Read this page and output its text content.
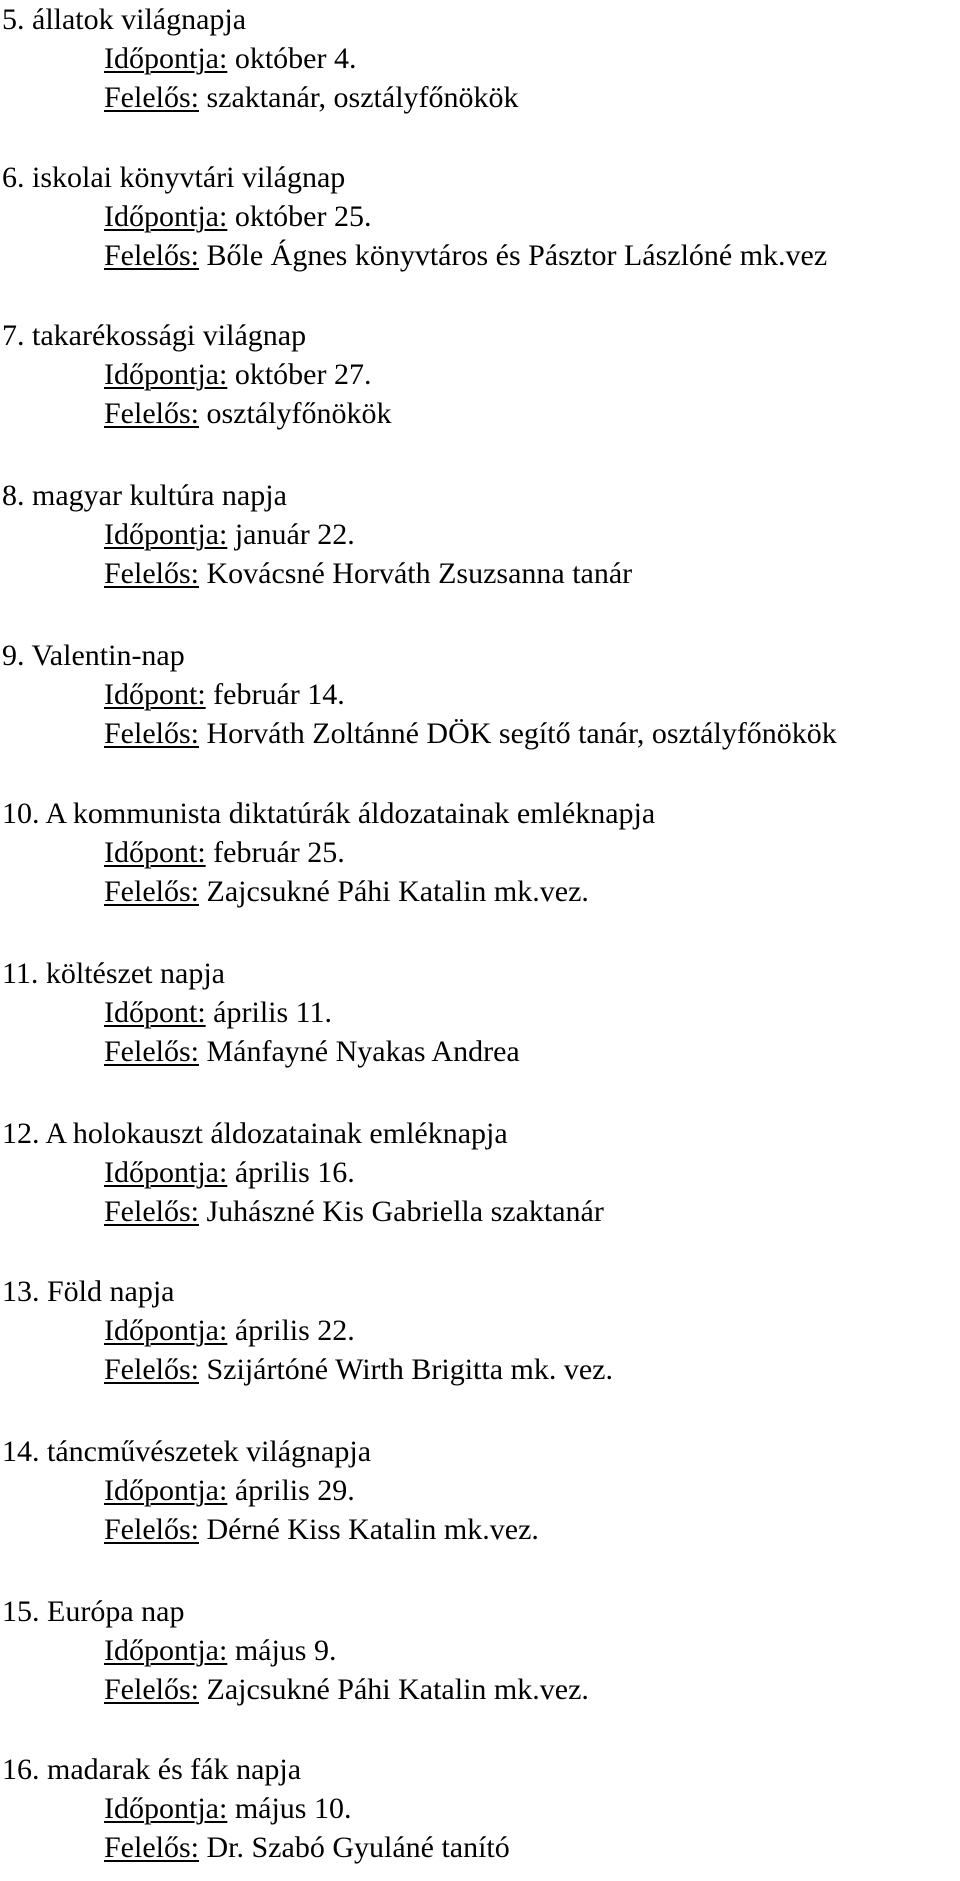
5. állatok világnapja
Időpontja: október 4.
Felelős: szaktanár, osztályfőnökök
6. iskolai könyvtári világnap
Időpontja: október 25.
Felelős: Bőle Ágnes könyvtáros és Pásztor Lászlóné mk.vez
7. takarékossági világnap
Időpontja: október 27.
Felelős: osztályfőnökök
8. magyar kultúra napja
Időpontja: január 22.
Felelős: Kovácsné Horváth Zsuzsanna tanár
9. Valentin-nap
Időpont: február 14.
Felelős: Horváth Zoltánné DÖK segítő tanár, osztályfőnökök
10. A kommunista diktatúrák áldozatainak emléknapja
Időpont: február 25.
Felelős: Zajcsukné Páhi Katalin mk.vez.
11. költészet napja
Időpont: április 11.
Felelős: Mánfayné Nyakas Andrea
12. A holokauszt áldozatainak emléknapja
Időpontja: április 16.
Felelős: Juhászné Kis Gabriella szaktanár
13. Föld napja
Időpontja: április 22.
Felelős: Szijártóné Wirth Brigitta mk. vez.
14. táncművészetek világnapja
Időpontja: április 29.
Felelős: Dérné Kiss Katalin mk.vez.
15. Európa nap
Időpontja: május 9.
Felelős: Zajcsukné Páhi Katalin mk.vez.
16. madarak és fák napja
Időpontja: május 10.
Felelős: Dr. Szabó Gyuláné tanító
